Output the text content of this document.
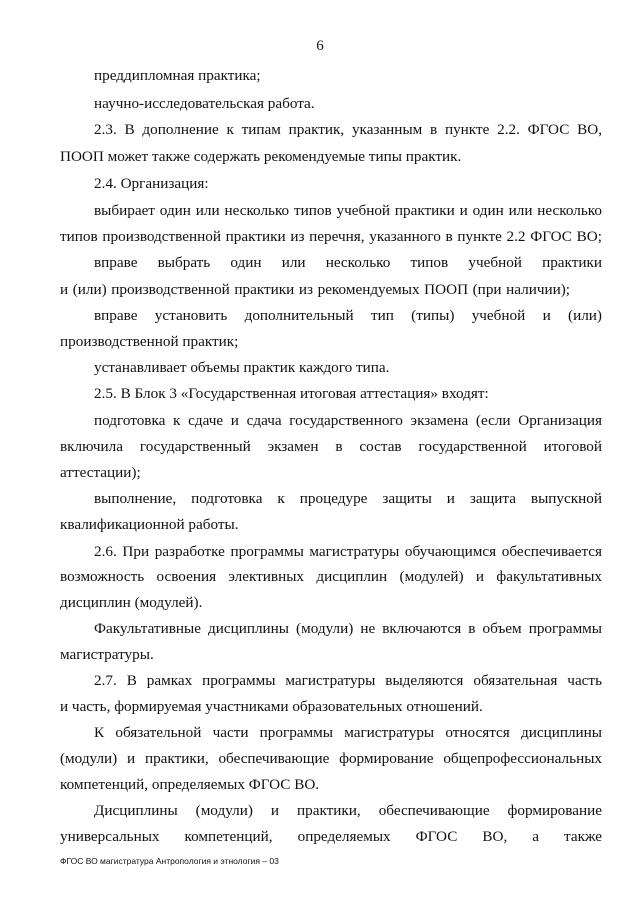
6
преддипломная практика;
научно-исследовательская работа.
2.3. В дополнение к типам практик, указанным в пункте 2.2. ФГОС ВО,
ПООП может также содержать рекомендуемые типы практик.
2.4. Организация:
выбирает один или несколько типов учебной практики и один или несколько
типов производственной практики из перечня, указанного в пункте 2.2 ФГОС ВО;
вправе выбрать один или несколько типов учебной практики
и (или) производственной практики из рекомендуемых ПООП (при наличии);
вправе установить дополнительный тип (типы) учебной и (или)
производственной практик;
устанавливает объемы практик каждого типа.
2.5. В Блок 3 «Государственная итоговая аттестация» входят:
подготовка к сдаче и сдача государственного экзамена (если Организация
включила государственный экзамен в состав государственной итоговой
аттестации);
выполнение, подготовка к процедуре защиты и защита выпускной
квалификационной работы.
2.6. При разработке программы магистратуры обучающимся обеспечивается
возможность освоения элективных дисциплин (модулей) и факультативных
дисциплин (модулей).
Факультативные дисциплины (модули) не включаются в объем программы
магистратуры.
2.7. В рамках программы магистратуры выделяются обязательная часть
и часть, формируемая участниками образовательных отношений.
К обязательной части программы магистратуры относятся дисциплины
(модули) и практики, обеспечивающие формирование общепрофессиональных
компетенций, определяемых ФГОС ВО.
Дисциплины (модули) и практики, обеспечивающие формирование
универсальных компетенций, определяемых ФГОС ВО, а также
ФГОС ВО магистратура Антропология и этнология – 03
